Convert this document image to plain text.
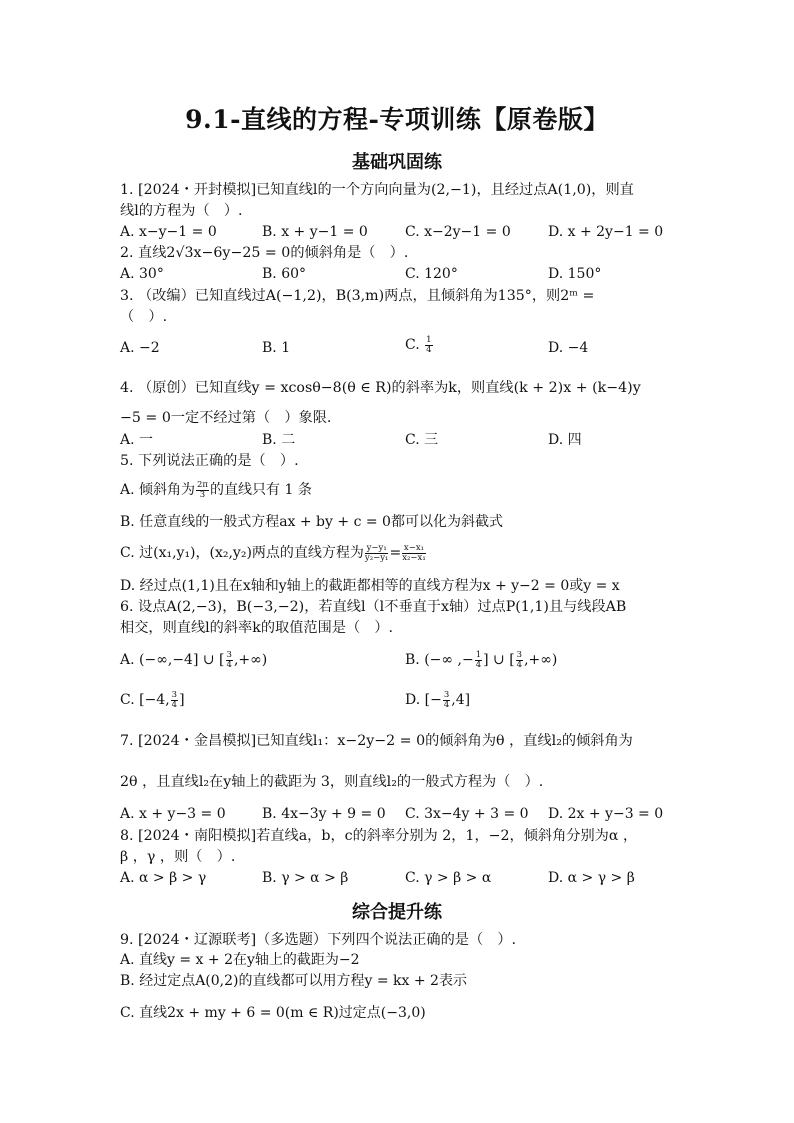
9.1-直线的方程-专项训练【原卷版】
基础巩固练
1. [2024・开封模拟]已知直线l的一个方向向量为(2,−1)，且经过点A(1,0)，则直
线l的方程为（　）.
A. x−y−1 = 0	B. x + y−1 = 0	C. x−2y−1 = 0	D. x + 2y−1 = 0
2. 直线2√3x−6y−25 = 0的倾斜角是（　）.
A. 30°	B. 60°	C. 120°	D. 150°
3. （改编）已知直线过A(−1,2)，B(3,m)两点，且倾斜角为135°，则2ᵐ =
（　）.
A. −2	B. 1	C. $\frac{1}{4}$	D. −4
4. （原创）已知直线y = xcosθ−8(θ ∈ R)的斜率为k，则直线(k + 2)x + (k−4)y
−5 = 0一定不经过第（　）象限.
A. 一	B. 二	C. 三	D. 四
5. 下列说法正确的是（　）.
A. 倾斜角为 $\frac{2\pi}{3}$ 的直线只有 1 条
B. 任意直线的一般式方程ax + by + c = 0都可以化为斜截式
C. 过(x₁,y₁)，(x₂,y₂)两点的直线方程为 $\frac{\text{y−y₁}}{\text{y₂−y₁}} = \frac{\text{x−x₁}}{\text{x₂−x₁}}$
D. 经过点(1,1)且在x轴和y轴上的截距都相等的直线方程为x + y−2 = 0或y = x
6. 设点A(2,−3)，B(−3,−2)，若直线l（l不垂直于x轴）过点P(1,1)且与线段AB
相交，则直线l的斜率k的取值范围是（　）.
A. (−∞,−4] ∪ [ $\frac{3}{4}$ ,+∞)	B. (−∞ ,− $\frac{1}{4}$ ] ∪ [ $\frac{3}{4}$ ,+∞)
C. [−4, $\frac{3}{4}$ ]	D. [− $\frac{3}{4} ,4$]
7. [2024・金昌模拟]已知直线l₁：x−2y−2 = 0的倾斜角为θ ，直线l₂的倾斜角为
2θ ，且直线l₂在y轴上的截距为 3，则直线l₂的一般式方程为（　）.
A. x + y−3 = 0	B. 4x−3y + 9 = 0 C. 3x−4y + 3 = 0 D. 2x + y−3 = 0
8. [2024・南阳模拟]若直线a，b，c的斜率分别为 2，1，−2，倾斜角分别为α ，
β ，γ ，则（　）.
A. α > β > γ	B. γ > α > β	C. γ > β > α	D. α > γ > β
综合提升练
9. [2024・辽源联考]（多选题）下列四个说法正确的是（　）.
A. 直线y = x + 2在y轴上的截距为−2
B. 经过定点A(0,2)的直线都可以用方程y = kx + 2表示
C. 直线2x + my + 6 = 0(m ∈ R)过定点(−3,0)
